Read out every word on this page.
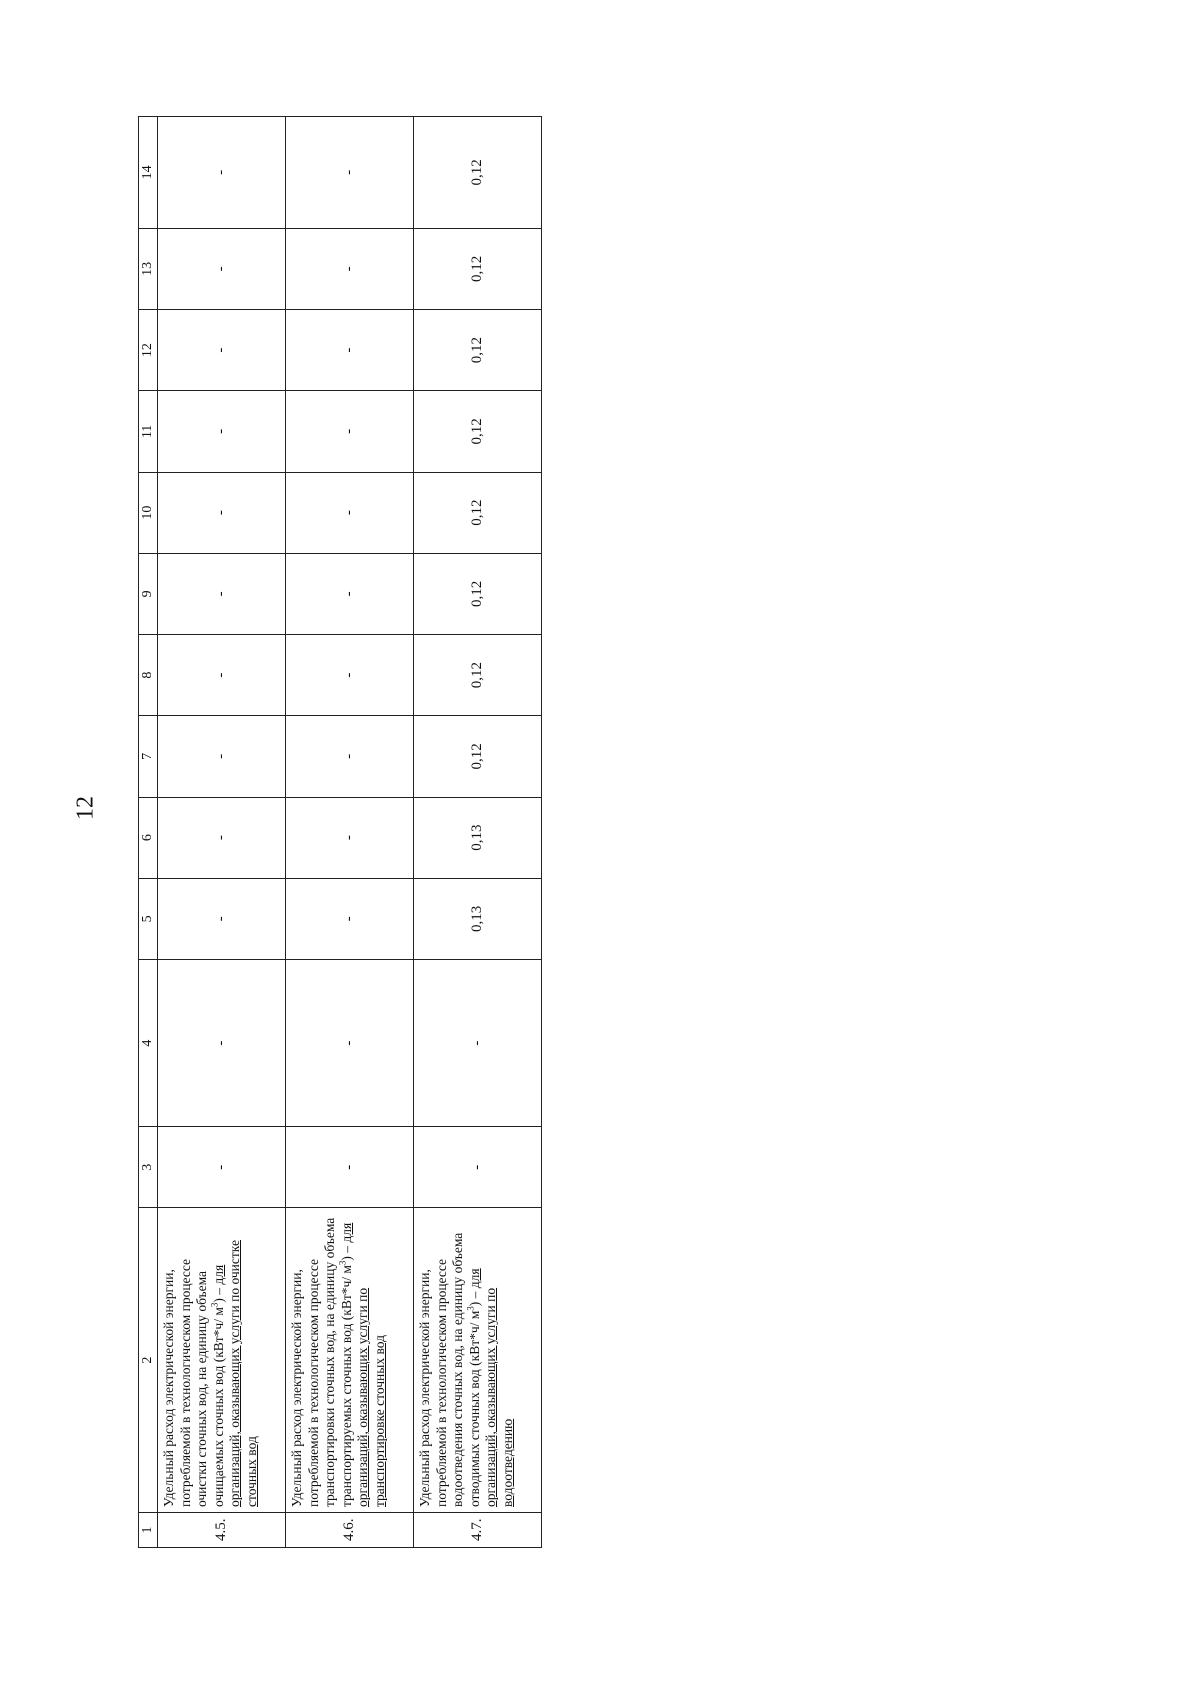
12
1	2	3	4	5	6	7	8	9	10	11	12	13	14
4.5.	Удельный расход электрической энергии, потребляемой в технологическом процессе очистки сточных вод, на единицу объема очищаемых сточных вод (кВт*ч/ $м^3$) – для организаций, оказывающих услуги по очистке сточных вод	-	-	-	-	-	-	-	-	-	-	-	-
4.6.	Удельный расход электрической энергии, потребляемой в технологическом процессе транспортировки сточных вод, на единицу объема транспортируемых сточных вод (кВт*ч/ $м^3$) – для организаций, оказывающих услуги по транспортировке сточных вод	-	-	-	-	-	-	-	-	-	-	-	-
4.7.	Удельный расход электрической энергии, потребляемой в технологическом процессе водоотведения сточных вод, на единицу объема отводимых сточных вод (кВт*ч/ $м^3$) – для организаций, оказывающих услуги по водоотведению	-	-	0,13	0,13	0,12	0,12	0,12	0,12	0,12	0,12	0,12	0,12
